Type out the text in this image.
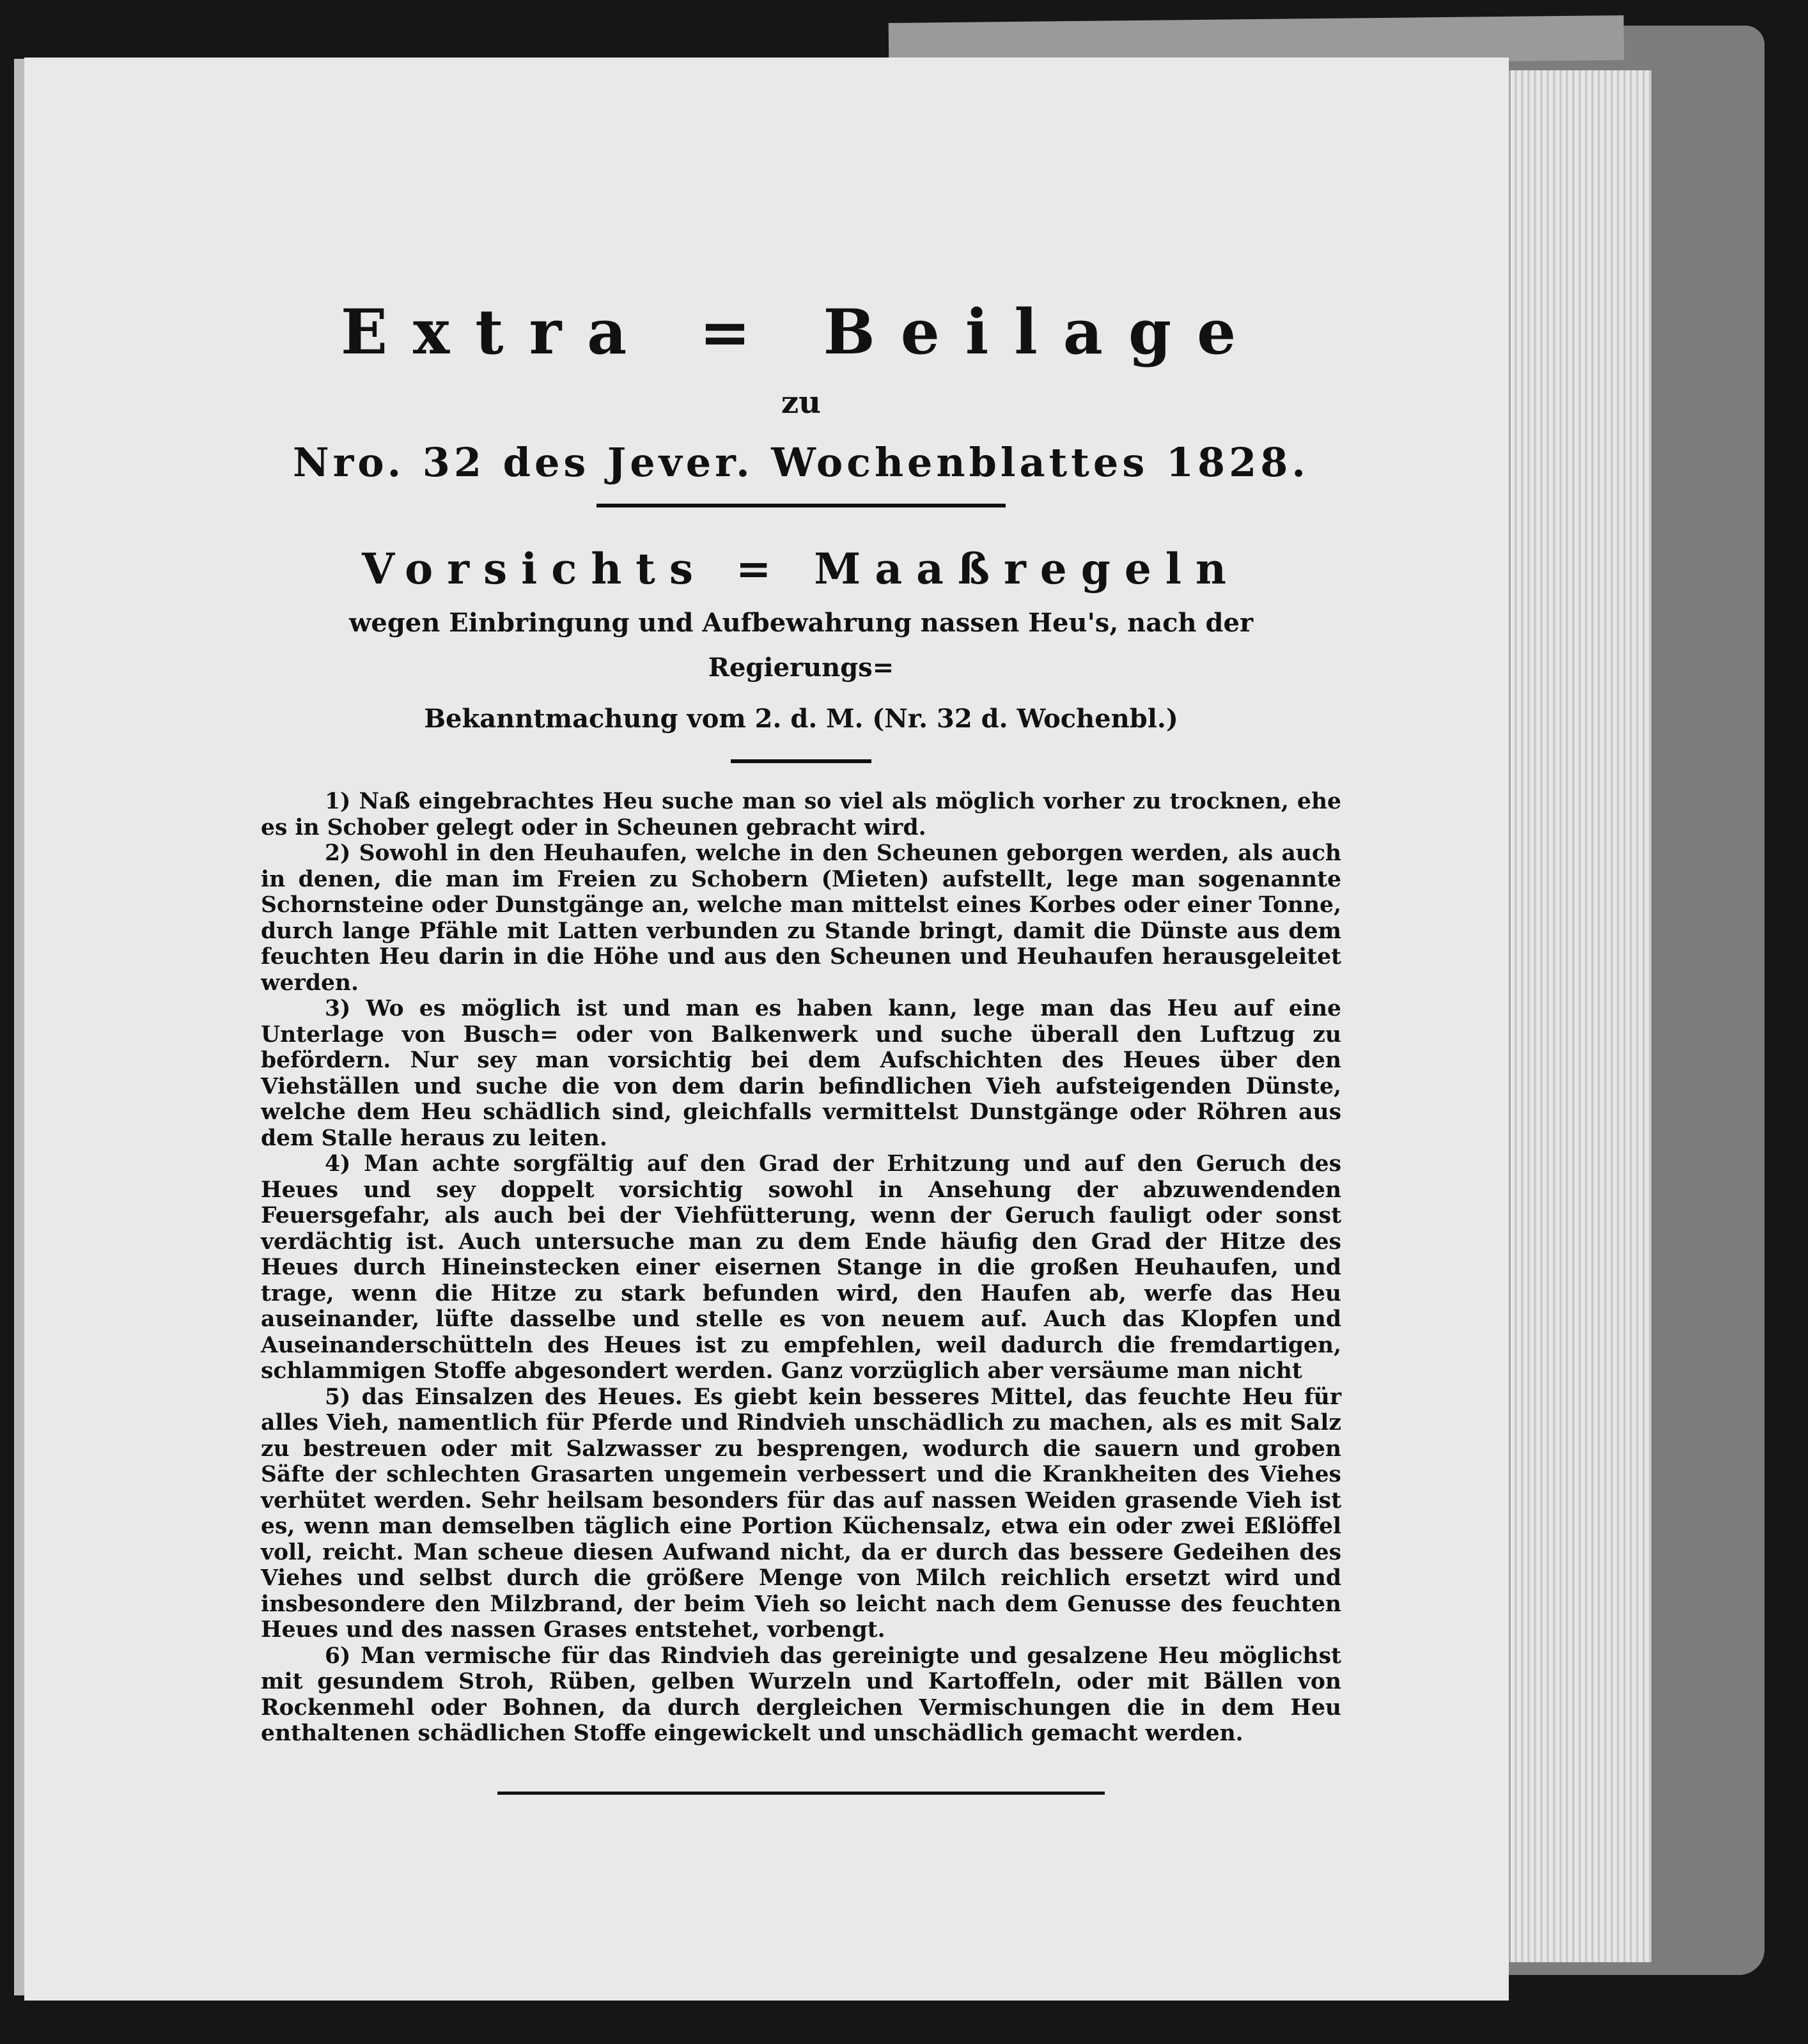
Extra = Beilage
zu
Nro. 32 des Jever. Wochenblattes 1828.
Vorsichts = Maaßregeln
wegen Einbringung und Aufbewahrung nassen Heu's, nach der Regierungs=
Bekanntmachung vom 2. d. M. (Nr. 32 d. Wochenbl.)

1) Naß eingebrachtes Heu suche man so viel als möglich vorher zu trocknen, ehe es in Schober gelegt oder in Scheunen gebracht wird.

2) Sowohl in den Heuhaufen, welche in den Scheunen geborgen werden, als auch in denen, die man im Freien zu Schobern (Mieten) aufstellt, lege man sogenannte Schornsteine oder Dunstgänge an, welche man mittelst eines Korbes oder einer Tonne, durch lange Pfähle mit Latten verbunden zu Stande bringt, damit die Dünste aus dem feuchten Heu darin in die Höhe und aus den Scheunen und Heuhaufen herausgeleitet werden.

3) Wo es möglich ist und man es haben kann, lege man das Heu auf eine Unterlage von Busch= oder von Balkenwerk und suche überall den Luftzug zu befördern. Nur sey man vorsichtig bei dem Aufschichten des Heues über den Viehställen und suche die von dem darin befindlichen Vieh aufsteigenden Dünste, welche dem Heu schädlich sind, gleichfalls vermittelst Dunstgänge oder Röhren aus dem Stalle heraus zu leiten.

4) Man achte sorgfältig auf den Grad der Erhitzung und auf den Geruch des Heues und sey doppelt vorsichtig sowohl in Ansehung der abzuwendenden Feuersgefahr, als auch bei der Viehfütterung, wenn der Geruch fauligt oder sonst verdächtig ist. Auch untersuche man zu dem Ende häufig den Grad der Hitze des Heues durch Hineinstecken einer eisernen Stange in die großen Heuhaufen, und trage, wenn die Hitze zu stark befunden wird, den Haufen ab, werfe das Heu auseinander, lüfte dasselbe und stelle es von neuem auf. Auch das Klopfen und Auseinanderschütteln des Heues ist zu empfehlen, weil dadurch die fremdartigen, schlammigen Stoffe abgesondert werden. Ganz vorzüglich aber versäume man nicht

5) das Einsalzen des Heues. Es giebt kein besseres Mittel, das feuchte Heu für alles Vieh, namentlich für Pferde und Rindvieh unschädlich zu machen, als es mit Salz zu bestreuen oder mit Salzwasser zu besprengen, wodurch die sauern und groben Säfte der schlechten Grasarten ungemein verbessert und die Krankheiten des Viehes verhütet werden. Sehr heilsam besonders für das auf nassen Weiden grasende Vieh ist es, wenn man demselben täglich eine Portion Küchensalz, etwa ein oder zwei Eßlöffel voll, reicht. Man scheue diesen Aufwand nicht, da er durch das bessere Gedeihen des Viehes und selbst durch die größere Menge von Milch reichlich ersetzt wird und insbesondere den Milzbrand, der beim Vieh so leicht nach dem Genusse des feuchten Heues und des nassen Grases entstehet, vorbengt.

6) Man vermische für das Rindvieh das gereinigte und gesalzene Heu möglichst mit gesundem Stroh, Rüben, gelben Wurzeln und Kartoffeln, oder mit Bällen von Rockenmehl oder Bohnen, da durch dergleichen Vermischungen die in dem Heu enthaltenen schädlichen Stoffe eingewickelt und unschädlich gemacht werden.
